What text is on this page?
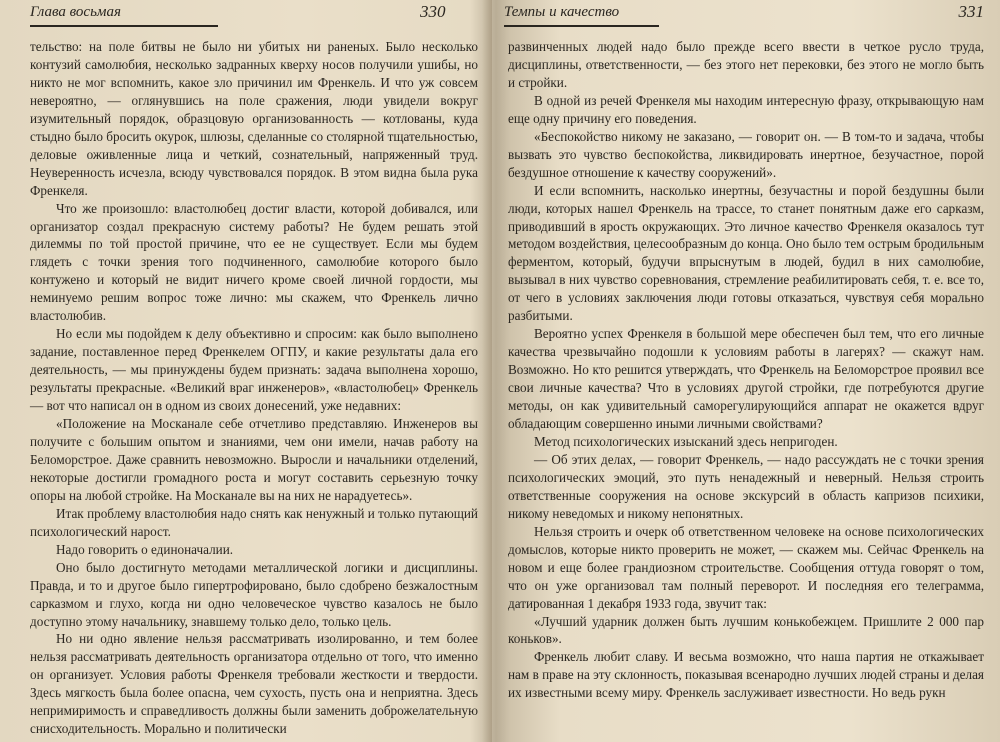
Глава восьмая	330

тельство: на поле битвы не было ни убитых ни раненых. Было несколько контузий самолюбия, несколько задранных кверху носов получили ушибы, но никто не мог вспомнить, какое зло причинил им Френкель. И что уж совсем невероятно, — оглянувшись на поле сражения, люди увидели вокруг изумительный порядок, образцовую организованность — котлованы, куда стыдно было бросить окурок, шлюзы, сделанные со столярной тщательностью, деловые оживленные лица и четкий, сознательный, напряженный труд. Неуверенность исчезла, всюду чувствовался порядок. В этом видна была рука Френкеля.

Что же произошло: властолюбец достиг власти, которой добивался, или организатор создал прекрасную систему работы? Не будем решать этой дилеммы по той простой причине, что ее не существует. Если мы будем глядеть с точки зрения того подчиненного, самолюбие которого было контужено и который не видит ничего кроме своей личной гордости, мы неминуемо решим вопрос тоже лично: мы скажем, что Френкель лично властолюбив.

Но если мы подойдем к делу объективно и спросим: как было выполнено задание, поставленное перед Френкелем ОГПУ, и какие результаты дала его деятельность, — мы принуждены будем признать: задача выполнена хорошо, результаты прекрасные. «Великий враг инженеров», «властолюбец» Френкель — вот что написал он в одном из своих донесений, уже недавних:

«Положение на Москанале себе отчетливо представляю. Инженеров вы получите с большим опытом и знаниями, чем они имели, начав работу на Беломорстрое. Даже сравнить невозможно. Выросли и начальники отделений, некоторые достигли громадного роста и могут составить серьезную точку опоры на любой стройке. На Москанале вы на них не нарадуетесь».

Итак проблему властолюбия надо снять как ненужный и только путающий психологический нарост.

Надо говорить о единоначалии.

Оно было достигнуто методами металлической логики и дисциплины. Правда, и то и другое было гипертрофировано, было сдобрено безжалостным сарказмом и глухо, когда ни одно человеческое чувство казалось не было доступно этому начальнику, знавшему только дело, только цель.

Но ни одно явление нельзя рассматривать изолированно, и тем более нельзя рассматривать деятельность организатора отдельно от того, что именно он организует. Условия работы Френкеля требовали жесткости и твердости. Здесь мягкость была более опасна, чем сухость, пусть она и неприятна. Здесь непримиримость и справедливость должны были заменить доброжелательную снисходительность. Морально и политически

Темпы и качество	331

развинченных людей надо было прежде всего ввести в четкое русло труда, дисциплины, ответственности, — без этого нет перековки, без этого не могло быть и стройки.

В одной из речей Френкеля мы находим интересную фразу, открывающую нам еще одну причину его поведения.

«Беспокойство никому не заказано, — говорит он. — В том-то и задача, чтобы вызвать это чувство беспокойства, ликвидировать инертное, безучастное, порой бездушное отношение к качеству сооружений».

И если вспомнить, насколько инертны, безучастны и порой бездушны были люди, которых нашел Френкель на трассе, то станет понятным даже его сарказм, приводивший в ярость окружающих. Это личное качество Френкеля оказалось тут методом воздействия, целесообразным до конца. Оно было тем острым бродильным ферментом, который, будучи впрыснутым в людей, будил в них самолюбие, вызывал в них чувство соревнования, стремление реабилитировать себя, т. е. все то, от чего в условиях заключения люди готовы отказаться, чувствуя себя морально разбитыми.

Вероятно успех Френкеля в большой мере обеспечен был тем, что его личные качества чрезвычайно подошли к условиям работы в лагерях? — скажут нам. Возможно. Но кто решится утверждать, что Френкель на Беломорстрое проявил все свои личные качества? Что в условиях другой стройки, где потребуются другие методы, он как удивительный саморегулирующийся аппарат не окажется вдруг обладающим совершенно иными личными свойствами?

Метод психологических изысканий здесь непригоден.

— Об этих делах, — говорит Френкель, — надо рассуждать не с точки зрения психологических эмоций, это путь ненадежный и неверный. Нельзя строить ответственные сооружения на основе экскурсий в область капризов психики, никому неведомых и никому непонятных.

Нельзя строить и очерк об ответственном человеке на основе психологических домыслов, которые никто проверить не может, — скажем мы. Сейчас Френкель на новом и еще более грандиозном строительстве. Сообщения оттуда говорят о том, что он уже организовал там полный переворот. И последняя его телеграмма, датированная 1 декабря 1933 года, звучит так:

«Лучший ударник должен быть лучшим конькобежцем. Пришлите 2 000 пар коньков».

Френкель любит славу. И весьма возможно, что наша партия не откажывает нам в праве на эту склонность, показывая всенародно лучших людей страны и делая их известными всему миру. Френкель заслуживает известности. Но ведь рукн
